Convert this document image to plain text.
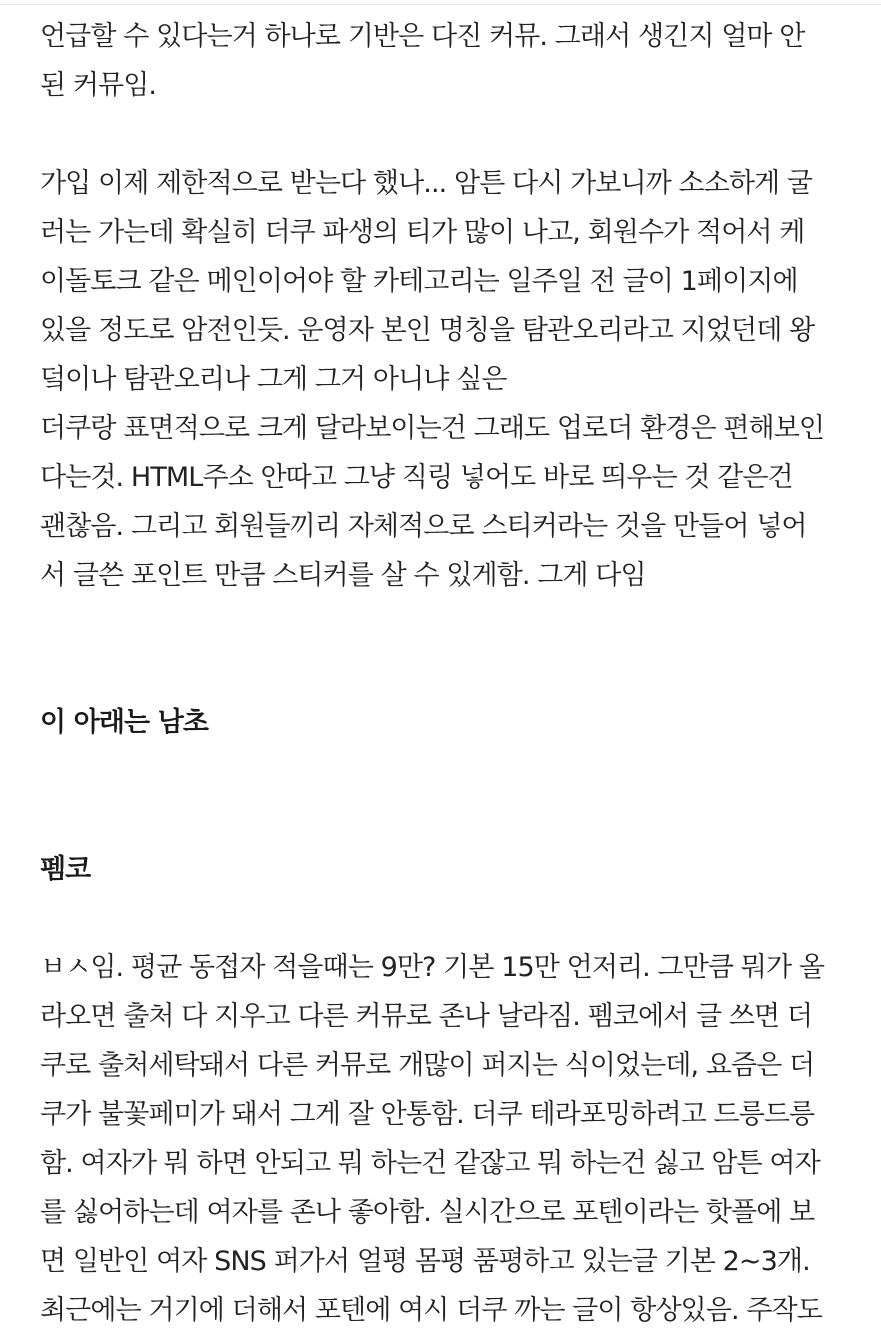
언급할 수 있다는거 하나로 기반은 다진 커뮤. 그래서 생긴지 얼마 안
된 커뮤임.
가입 이제 제한적으로 받는다 했나... 암튼 다시 가보니까 소소하게 굴
러는 가는데 확실히 더쿠 파생의 티가 많이 나고, 회원수가 적어서 케
이돌토크 같은 메인이어야 할 카테고리는 일주일 전 글이 1페이지에
있을 정도로 암전인듯. 운영자 본인 명칭을 탐관오리라고 지었던데 왕
덬이나 탐관오리나 그게 그거 아니냐 싶은
더쿠랑 표면적으로 크게 달라보이는건 그래도 업로더 환경은 편해보인
다는것. HTML주소 안따고 그냥 직링 넣어도 바로 띄우는 것 같은건
괜찮음. 그리고 회원들끼리 자체적으로 스티커라는 것을 만들어 넣어
서 글쓴 포인트 만큼 스티커를 살 수 있게함. 그게 다임
이 아래는 남초
펨코
ㅂㅅ임. 평균 동접자 적을때는 9만? 기본 15만 언저리. 그만큼 뭐가 올
라오면 출처 다 지우고 다른 커뮤로 존나 날라짐. 펨코에서 글 쓰면 더
쿠로 출처세탁돼서 다른 커뮤로 개많이 퍼지는 식이었는데, 요즘은 더
쿠가 불꽃페미가 돼서 그게 잘 안통함. 더쿠 테라포밍하려고 드릉드릉
함. 여자가 뭐 하면 안되고 뭐 하는건 같잖고 뭐 하는건 싫고 암튼 여자
를 싫어하는데 여자를 존나 좋아함. 실시간으로 포텐이라는 핫플에 보
면 일반인 여자 SNS 퍼가서 얼평 몸평 품평하고 있는글 기본 2~3개.
최근에는 거기에 더해서 포텐에 여시 더쿠 까는 글이 항상있음. 주작도
